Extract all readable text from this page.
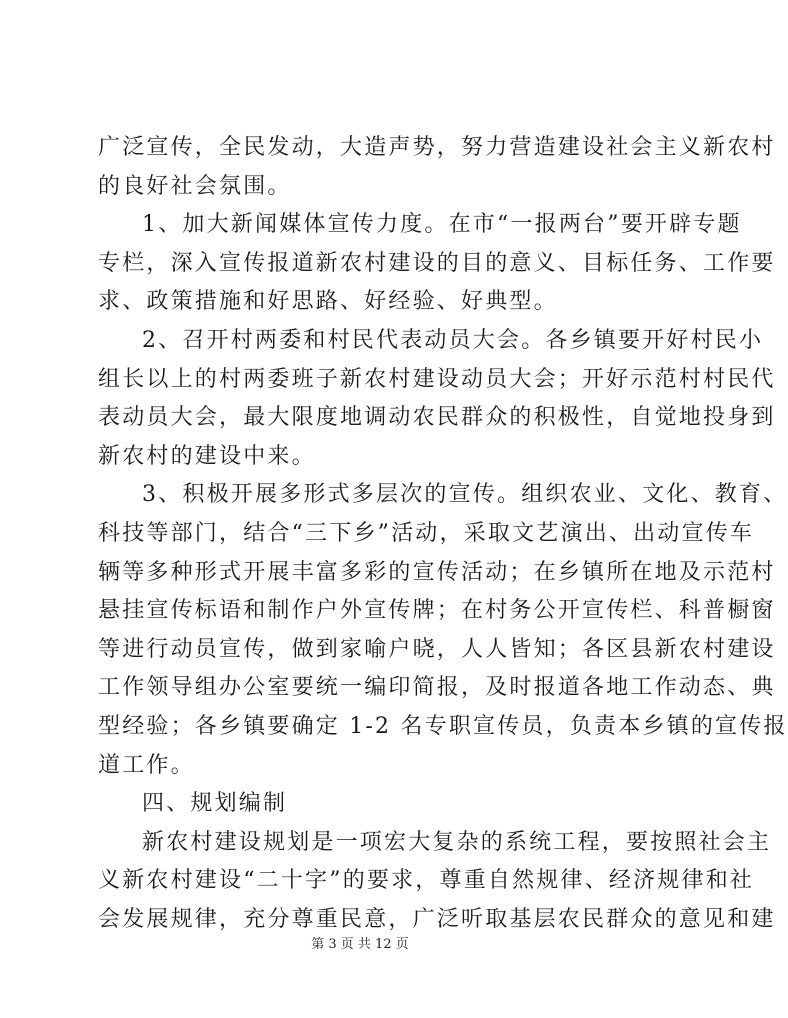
广泛宣传，全民发动，大造声势，努力营造建设社会主义新农村
的良好社会氛围。
1、加大新闻媒体宣传力度。在市“一报两台”要开辟专题
专栏，深入宣传报道新农村建设的目的意义、目标任务、工作要
求、政策措施和好思路、好经验、好典型。
2、召开村两委和村民代表动员大会。各乡镇要开好村民小
组长以上的村两委班子新农村建设动员大会；开好示范村村民代
表动员大会，最大限度地调动农民群众的积极性，自觉地投身到
新农村的建设中来。
3、积极开展多形式多层次的宣传。组织农业、文化、教育、
科技等部门，结合“三下乡”活动，采取文艺演出、出动宣传车
辆等多种形式开展丰富多彩的宣传活动；在乡镇所在地及示范村
悬挂宣传标语和制作户外宣传牌；在村务公开宣传栏、科普橱窗
等进行动员宣传，做到家喻户晓，人人皆知；各区县新农村建设
工作领导组办公室要统一编印简报，及时报道各地工作动态、典
型经验；各乡镇要确定 1-2 名专职宣传员，负责本乡镇的宣传报
道工作。
四、规划编制
新农村建设规划是一项宏大复杂的系统工程，要按照社会主
义新农村建设“二十字”的要求，尊重自然规律、经济规律和社
会发展规律，充分尊重民意，广泛听取基层农民群众的意见和建
第 3 页 共 12 页
